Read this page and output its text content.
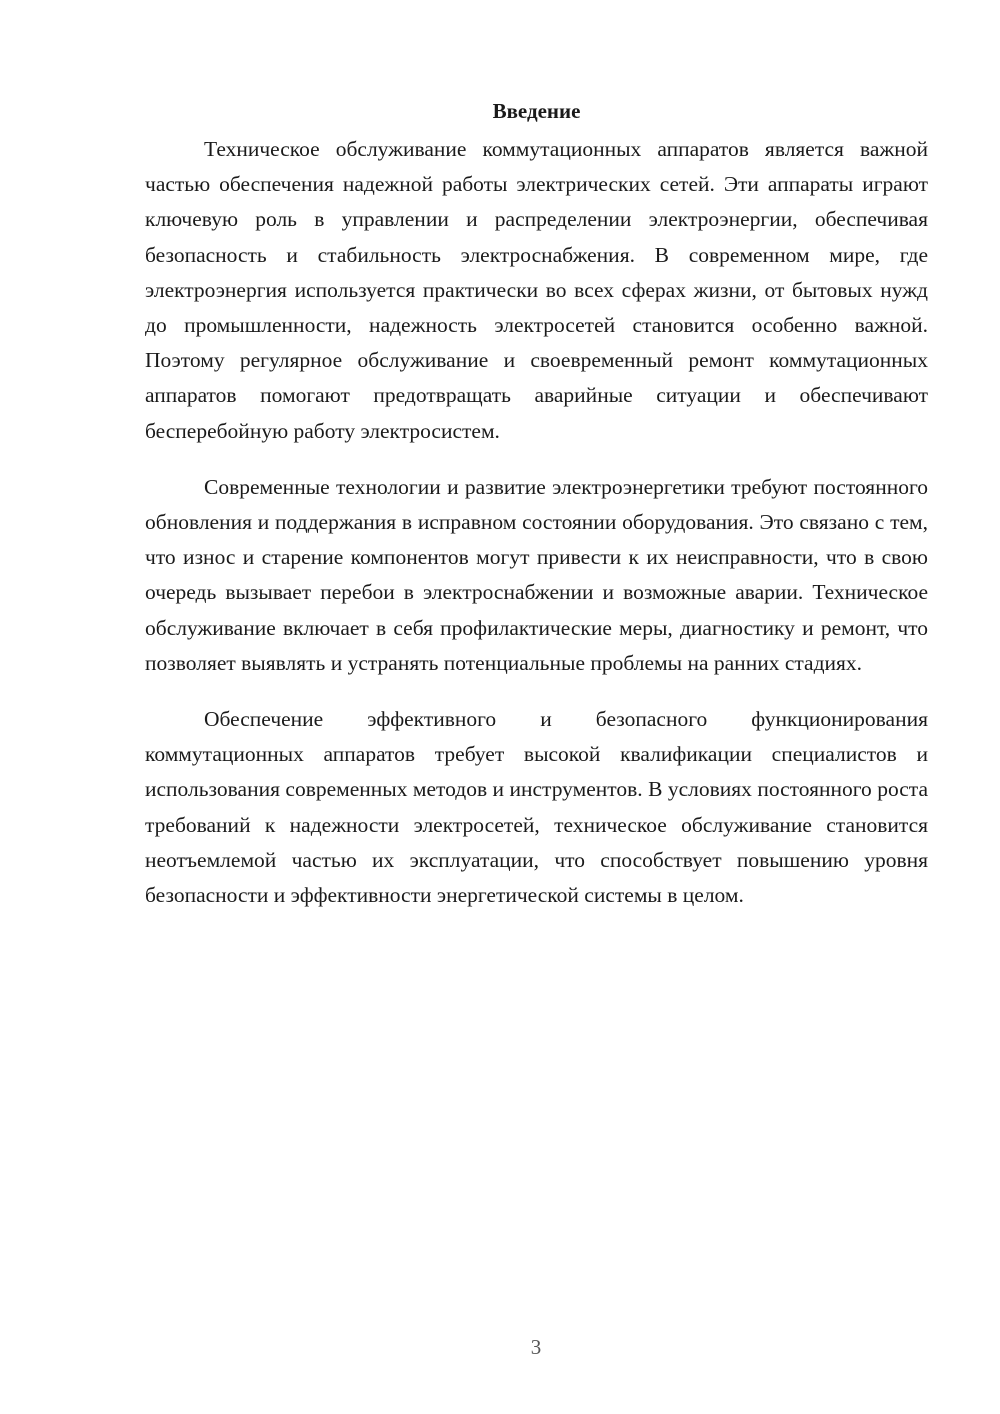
Введение

Техническое обслуживание коммутационных аппаратов является важной частью обеспечения надежной работы электрических сетей. Эти аппараты играют ключевую роль в управлении и распределении электроэнергии, обеспечивая безопасность и стабильность электроснабжения. В современном мире, где электроэнергия используется практически во всех сферах жизни, от бытовых нужд до промышленности, надежность электросетей становится особенно важной. Поэтому регулярное обслуживание и своевременный ремонт коммутационных аппаратов помогают предотвращать аварийные ситуации и обеспечивают бесперебойную работу электросистем.

Современные технологии и развитие электроэнергетики требуют постоянного обновления и поддержания в исправном состоянии оборудования. Это связано с тем, что износ и старение компонентов могут привести к их неисправности, что в свою очередь вызывает перебои в электроснабжении и возможные аварии. Техническое обслуживание включает в себя профилактические меры, диагностику и ремонт, что позволяет выявлять и устранять потенциальные проблемы на ранних стадиях.

Обеспечение эффективного и безопасного функционирования коммутационных аппаратов требует высокой квалификации специалистов и использования современных методов и инструментов. В условиях постоянного роста требований к надежности электросетей, техническое обслуживание становится неотъемлемой частью их эксплуатации, что способствует повышению уровня безопасности и эффективности энергетической системы в целом.

3
